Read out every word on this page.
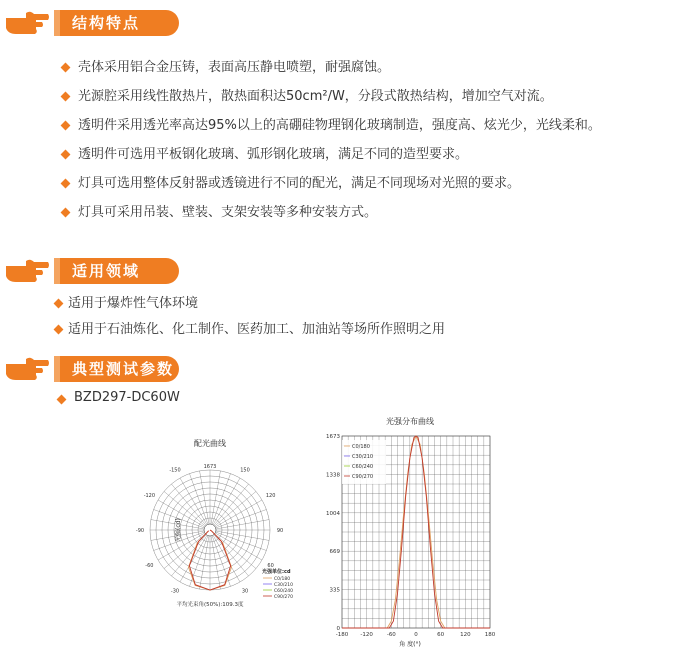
结构特点
壳体采用铝合金压铸，表面高压静电喷塑，耐强腐蚀。
光源腔采用线性散热片，散热面积达50cm²/W，分段式散热结构，增加空气对流。
透明件采用透光率高达95%以上的高硼硅物理钢化玻璃制造，强度高、炫光少，光线柔和。
透明件可选用平板钢化玻璃、弧形钢化玻璃，满足不同的造型要求。
灯具可选用整体反射器或透镜进行不同的配光，满足不同现场对光照的要求。
灯具可采用吊装、壁装、支架安装等多种安装方式。
适用领域
适用于爆炸性气体环境
适用于石油炼化、化工制作、医药加工、加油站等场所作照明之用
典型测试参数
BZD297-DC60W
配光曲线
-150
-120
-90
-60
-30
150
120
90
60
30
1673
光强单位:cd
C0/180
C30/210
C60/240
C90/270
平均光束角(50%):109.3度
光强分布曲线
0
335
669
1004
1338
1673
-180 -120	-60	0	60	120	180
C0/180
C30/210
C60/240
C90/270
光强(cd)
角 度(°)
